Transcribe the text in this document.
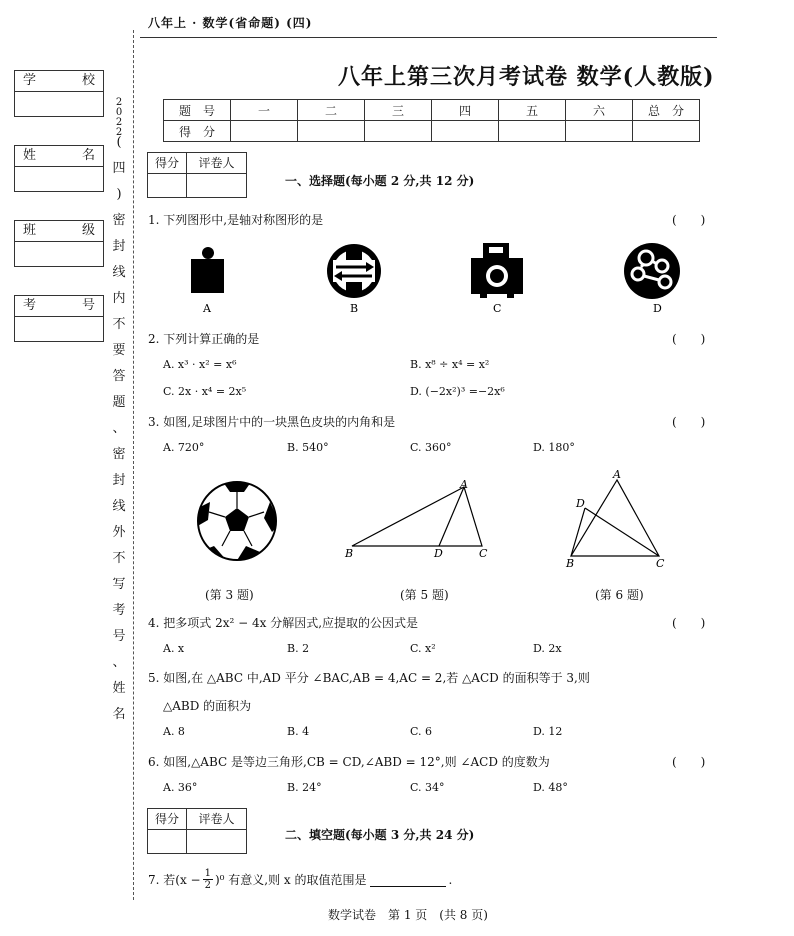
八年上 · 数学(省命题) (四)
学	校
姓	名
班	级
考	号
2
0
2
2
(
四
)
密
封
线
内
不
要
答
题
、
密
封
线
外
不
写
考
号
、
姓
名
八年上第三次月考试卷 数学(人教版)
题　号	一	二	三	四	五	六	总　分
得　分							
得分	评卷人
一、选择题(每小题 2 分,共 12 分)
1. 下列图形中,是轴对称图形的是	(　　)
A	B	C	D
2. 下列计算正确的是	(　　)
A. x³ · x² = x⁶	B. x⁸ ÷ x⁴ = x²
C. 2x · x⁴ = 2x⁵	D. (−2x²)³ =−2x⁶
3. 如图,足球图片中的一块黑色皮块的内角和是	(　　)
A. 720°	B. 540°	C. 360°	D. 180°
A
B	D	C
A
D
B	C
(第 3 题)	(第 5 题)	(第 6 题)
4. 把多项式 2x² − 4x 分解因式,应提取的公因式是	(　　)
A. x	B. 2	C. x²	D. 2x
5. 如图,在 △ABC 中,AD 平分 ∠BAC,AB = 4,AC = 2,若 △ACD 的面积等于 3,则
△ABD 的面积为
A. 8	B. 4	C. 6	D. 12
6. 如图,△ABC 是等边三角形,CB = CD,∠ABD = 12°,则 ∠ACD 的度数为	(　　)
A. 36°	B. 24°	C. 34°	D. 48°
得分	评卷人
二、填空题(每小题 3 分,共 24 分)
7. 若$(x - \frac{1}{2} )^0$ 有意义,则 x 的取值范围是	.
数学试卷　第 1 页　(共 8 页)
